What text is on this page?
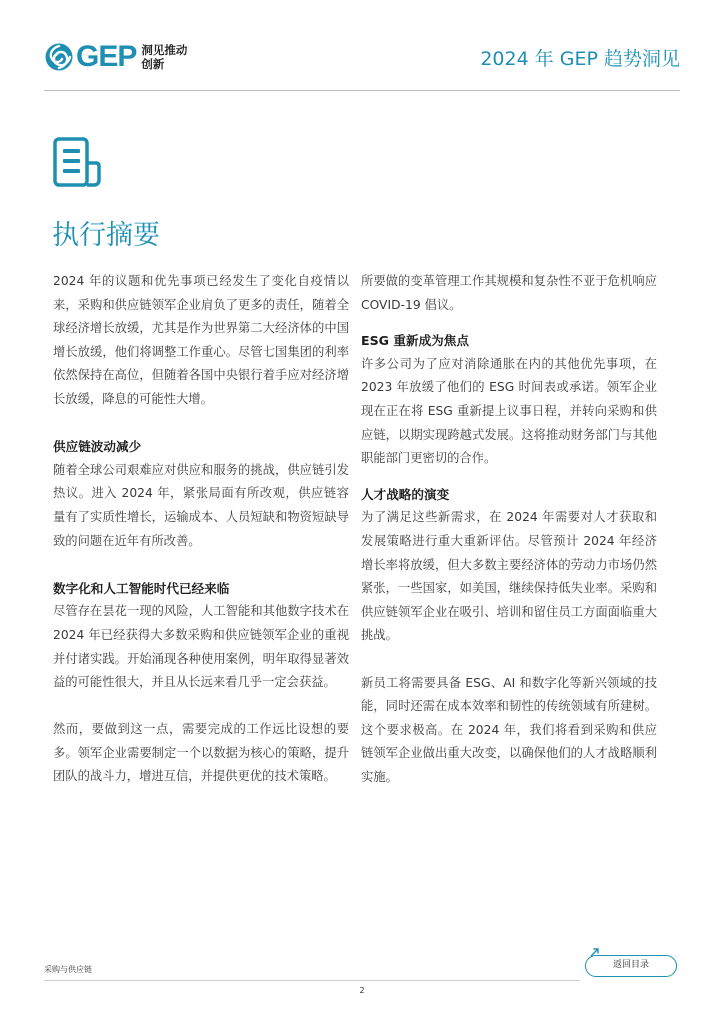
GEP 洞见推动
创新	2024 年 GEP 趋势洞见
执行摘要

2024 年的议题和优先事项已经发生了变化自疫情以来，采购和供应链领军企业肩负了更多的责任，随着全球经济增长放缓，尤其是作为世界第二大经济体的中国增长放缓，他们将调整工作重心。尽管七国集团的利率依然保持在高位，但随着各国中央银行着手应对经济增长放缓，降息的可能性大增。

供应链波动减少

随着全球公司艰难应对供应和服务的挑战，供应链引发热议。进入 2024 年，紧张局面有所改观，供应链容量有了实质性增长，运输成本、人员短缺和物资短缺导致的问题在近年有所改善。

数字化和人工智能时代已经来临

尽管存在昙花一现的风险，人工智能和其他数字技术在 2024 年已经获得大多数采购和供应链领军企业的重视并付诸实践。开始涌现各种使用案例，明年取得显著效益的可能性很大，并且从长远来看几乎一定会获益。

然而，要做到这一点，需要完成的工作远比设想的要多。领军企业需要制定一个以数据为核心的策略，提升团队的战斗力，增进互信，并提供更优的技术策略。

所要做的变革管理工作其规模和复杂性不亚于危机响应 COVID-19 倡议。

ESG 重新成为焦点

许多公司为了应对消除通胀在内的其他优先事项，在 2023 年放缓了他们的 ESG 时间表或承诺。领军企业现在正在将 ESG 重新提上议事日程，并转向采购和供应链，以期实现跨越式发展。这将推动财务部门与其他职能部门更密切的合作。

人才战略的演变

为了满足这些新需求，在 2024 年需要对人才获取和发展策略进行重大重新评估。尽管预计 2024 年经济增长率将放缓，但大多数主要经济体的劳动力市场仍然紧张，一些国家，如美国，继续保持低失业率。采购和供应链领军企业在吸引、培训和留住员工方面面临重大挑战。

新员工将需要具备 ESG、AI 和数字化等新兴领域的技能，同时还需在成本效率和韧性的传统领域有所建树。这个要求极高。在 2024 年，我们将看到采购和供应链领军企业做出重大改变，以确保他们的人才战略顺利实施。

采购与供应链	返回目录
2
